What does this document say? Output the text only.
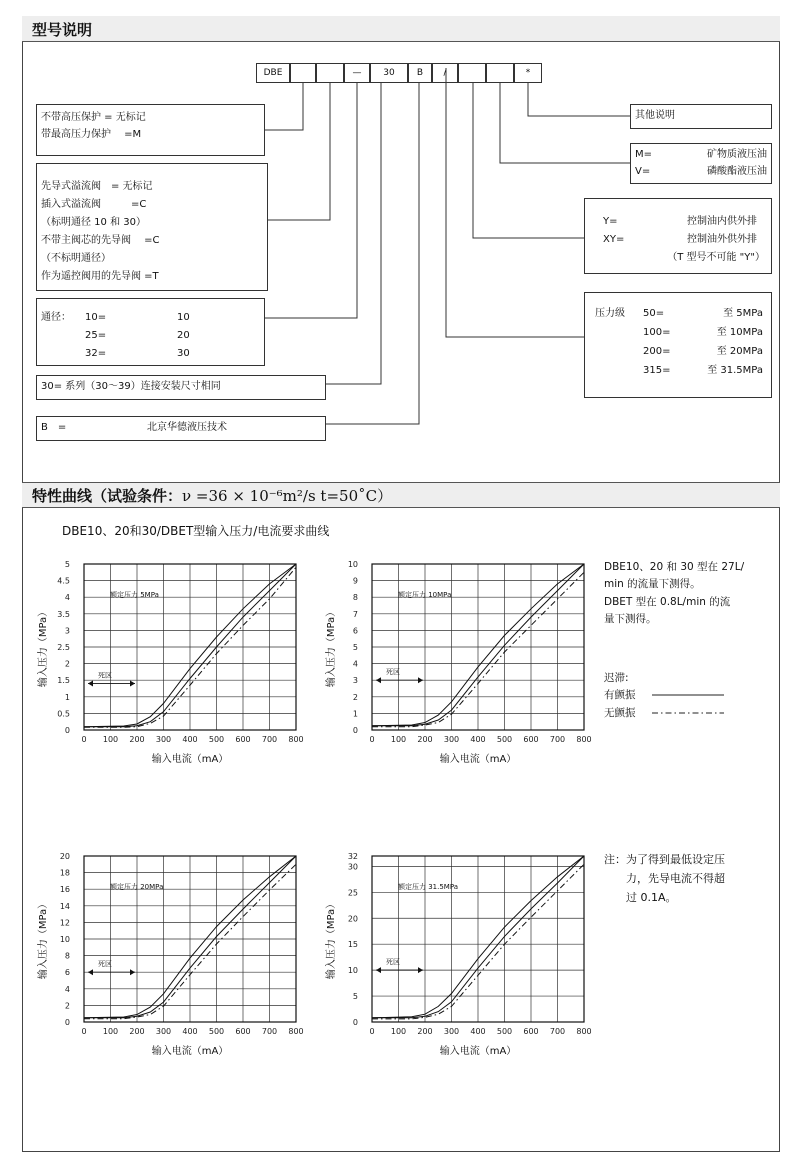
型号说明
DBE	—	30	B	/	*
不带高压保护 = 无标记
带最高压力保护　 =M
先导式溢流阀　= 无标记
插入式溢流阀　　　=C
（标明通径 10 和 30）
不带主阀芯的先导阀　 =C
（不标明通径）
作为遥控阀用的先导阀 =T
通径： 10=	10
25=	20
32=	30
30= 系列（30～39）连接安装尺寸相同
B　=	北京华德液压技术
其他说明
M=	矿物质液压油
V=	磷酸酯液压油
Y=	控制油内供外排
XY=	控制油外供外排
（T 型号不可能 "Y"）
压力级 50=	至 5MPa
100=	至 10MPa
200=	至 20MPa
315=	至 31.5MPa
特性曲线（试验条件：ν =36 × 10⁻⁶m²/s t=50˚C）
DBE10、20和30/DBET型输入压力/电流要求曲线
0 100 200 300 400 500 600 700 800
0
0.5
1
1.5
2
2.5
3
3.5
4
4.5
5
输入电流（mA）
输入压力（MPa）
额定压力 5MPa
死区
0 100 200 300 400 500 600 700 800
0
1
2
3
4
5
6
7
8
9
10
输入电流（mA）
输入压力（MPa）
额定压力 10MPa
死区
0 100 200 300 400 500 600 700 800
0
2
4
6
8
10
12
14
16
18
20
输入电流（mA）
输入压力（MPa）
额定压力 20MPa
死区
0 100 200 300 400 500 600 700 800
0
5
10
15
20
25
30
32
输入电流（mA）
输入压力（MPa）
额定压力 31.5MPa
死区
DBE10、20 和 30 型在 27L/
min 的流量下测得。
DBET 型在 0.8L/min 的流
量下测得。
迟滞:
有颤振
无颤振
注：为了得到最低设定压
　　力，先导电流不得超
　　过 0.1A。
